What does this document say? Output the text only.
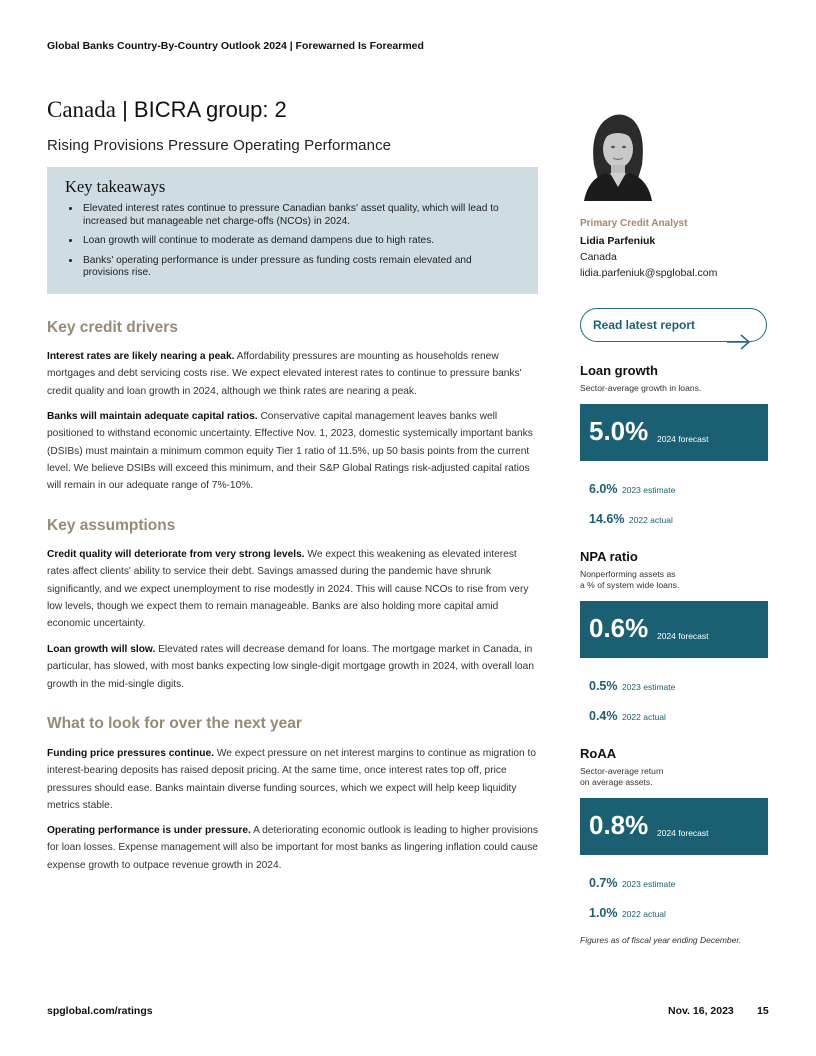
Global Banks Country-By-Country Outlook 2024 | Forewarned Is Forearmed
Canada | BICRA group: 2
Rising Provisions Pressure Operating Performance
Key takeaways
• Elevated interest rates continue to pressure Canadian banks' asset quality, which will lead to increased but manageable net charge-offs (NCOs) in 2024.
• Loan growth will continue to moderate as demand dampens due to high rates.
• Banks' operating performance is under pressure as funding costs remain elevated and provisions rise.
Key credit drivers
Interest rates are likely nearing a peak. Affordability pressures are mounting as households renew mortgages and debt servicing costs rise. We expect elevated interest rates to continue to pressure banks' credit quality and loan growth in 2024, although we think rates are nearing a peak.
Banks will maintain adequate capital ratios. Conservative capital management leaves banks well positioned to withstand economic uncertainty. Effective Nov. 1, 2023, domestic systemically important banks (DSIBs) must maintain a minimum common equity Tier 1 ratio of 11.5%, up 50 basis points from the current level. We believe DSIBs will exceed this minimum, and their S&P Global Ratings risk-adjusted capital ratios will remain in our adequate range of 7%-10%.
Key assumptions
Credit quality will deteriorate from very strong levels. We expect this weakening as elevated interest rates affect clients' ability to service their debt. Savings amassed during the pandemic have shrunk significantly, and we expect unemployment to rise modestly in 2024. This will cause NCOs to rise from very low levels, though we expect them to remain manageable. Banks are also holding more capital amid economic uncertainty.
Loan growth will slow. Elevated rates will decrease demand for loans. The mortgage market in Canada, in particular, has slowed, with most banks expecting low single-digit mortgage growth in 2024, with overall loan growth in the mid-single digits.
What to look for over the next year
Funding price pressures continue. We expect pressure on net interest margins to continue as migration to interest-bearing deposits has raised deposit pricing. At the same time, once interest rates top off, price pressures should ease. Banks maintain diverse funding sources, which we expect will help keep liquidity metrics stable.
Operating performance is under pressure. A deteriorating economic outlook is leading to higher provisions for loan losses. Expense management will also be important for most banks as lingering inflation could cause expense growth to outpace revenue growth in 2024.
Primary Credit Analyst
Lidia Parfeniuk
Canada
lidia.parfeniuk@spglobal.com
Read latest report
Loan growth
Sector-average growth in loans.
5.0% 2024 forecast
6.0% 2023 estimate
14.6% 2022 actual
NPA ratio
Nonperforming assets as
a % of system wide loans.
0.6% 2024 forecast
0.5% 2023 estimate
0.4% 2022 actual
RoAA
Sector-average return
on average assets.
0.8% 2024 forecast
0.7% 2023 estimate
1.0% 2022 actual
Figures as of fiscal year ending December.
spglobal.com/ratings	Nov. 16, 2023 15
